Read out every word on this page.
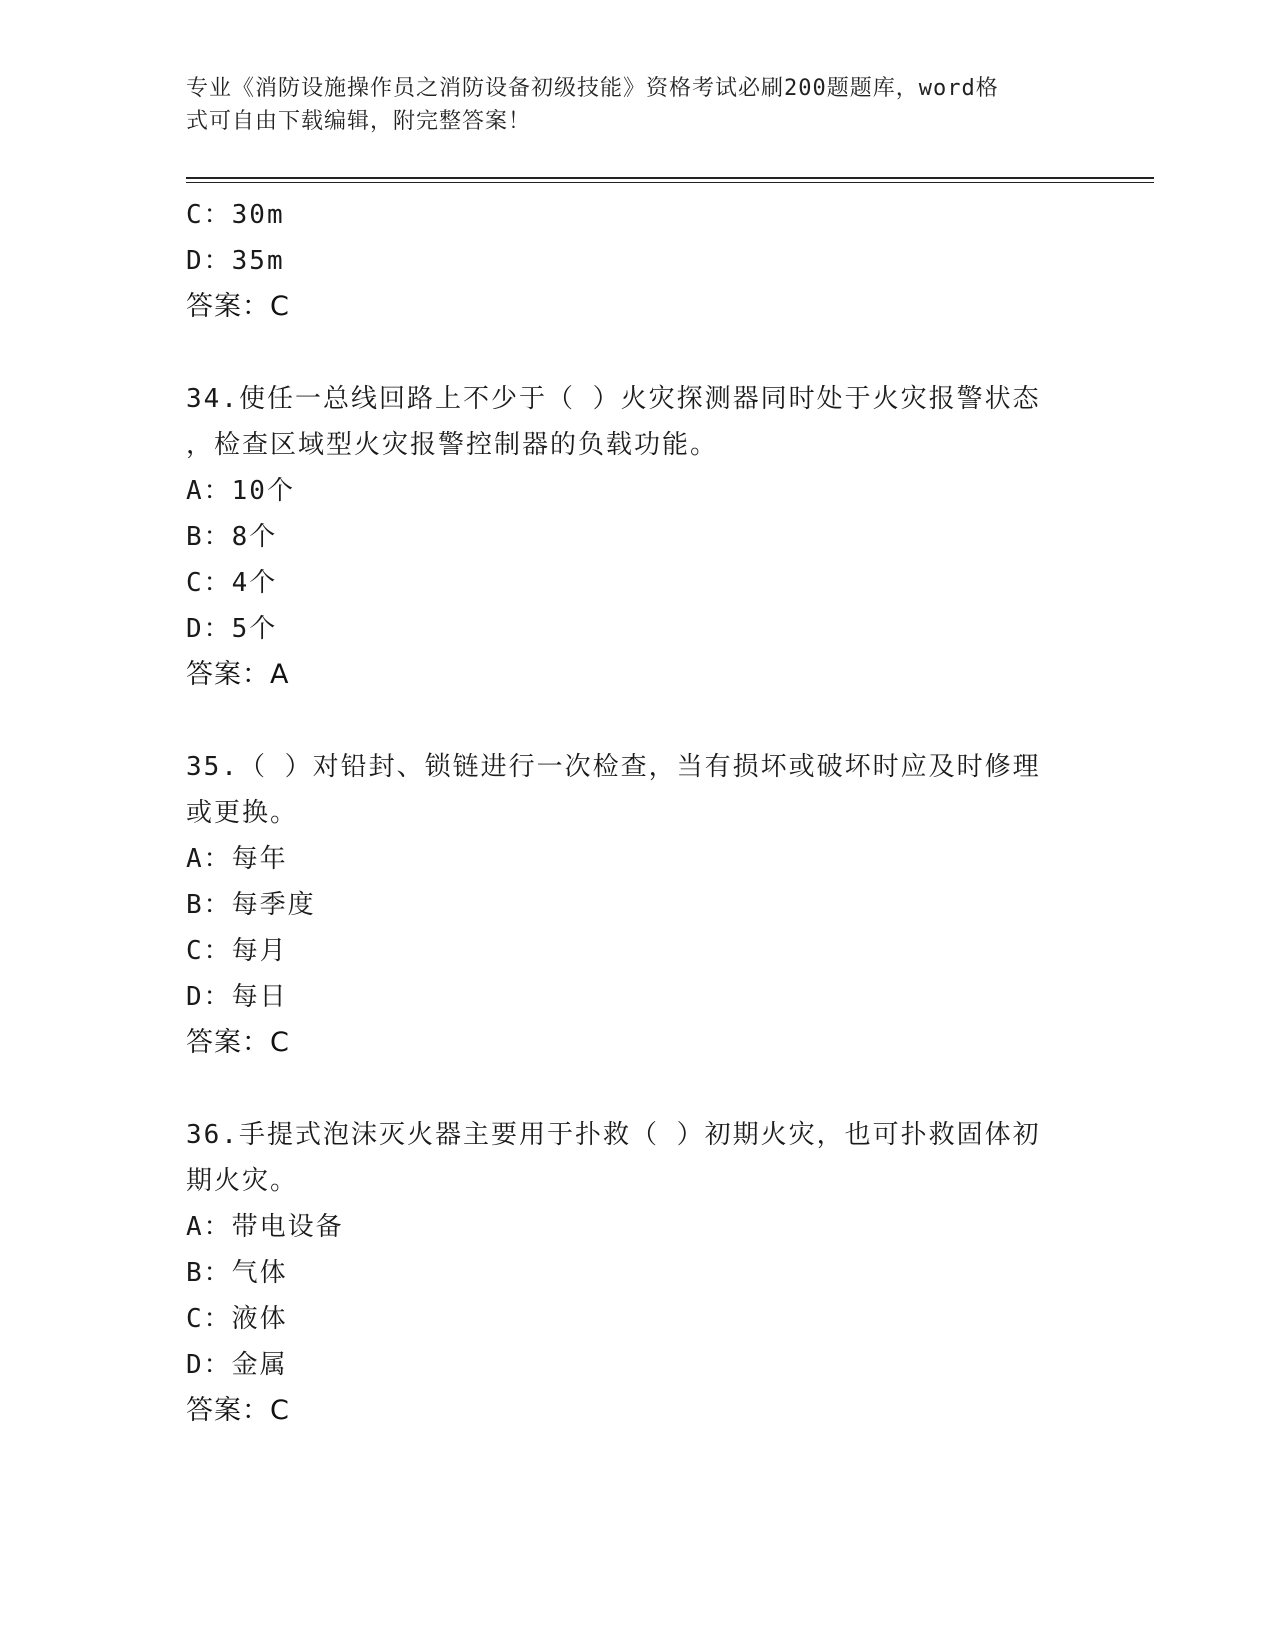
专业《消防设施操作员之消防设备初级技能》资格考试必刷200题题库，word格
式可自由下载编辑，附完整答案！
C：30m
D：35m
答案：C
34.使任一总线回路上不少于（ ）火灾探测器同时处于火灾报警状态
，检查区域型火灾报警控制器的负载功能。
A：10个
B：8个
C：4个
D：5个
答案：A
35.（ ）对铅封、锁链进行一次检查，当有损坏或破坏时应及时修理
或更换。
A：每年
B：每季度
C：每月
D：每日
答案：C
36.手提式泡沫灭火器主要用于扑救（ ）初期火灾，也可扑救固体初
期火灾。
A：带电设备
B：气体
C：液体
D：金属
答案：C
